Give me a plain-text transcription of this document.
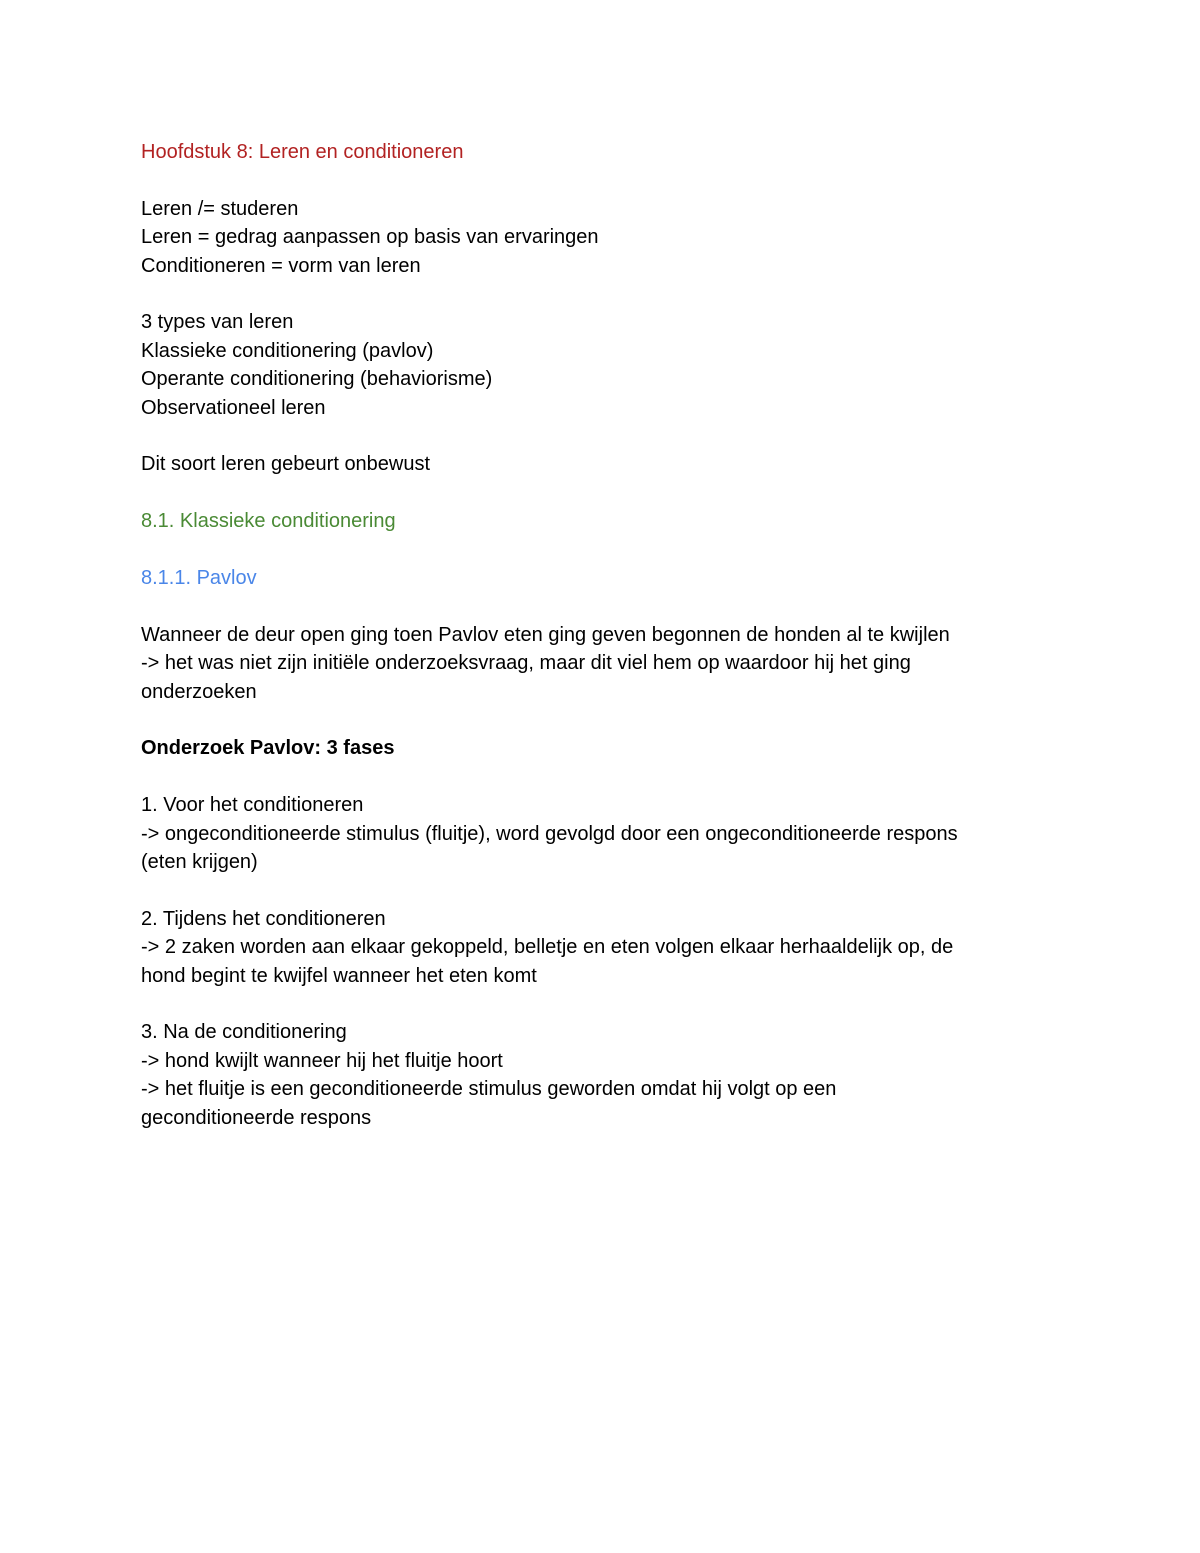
Hoofdstuk 8: Leren en conditioneren
Leren /= studeren
Leren = gedrag aanpassen op basis van ervaringen
Conditioneren = vorm van leren
3 types van leren
Klassieke conditionering (pavlov)
Operante conditionering (behaviorisme)
Observationeel leren
Dit soort leren gebeurt onbewust
8.1. Klassieke conditionering
8.1.1. Pavlov
Wanneer de deur open ging toen Pavlov eten ging geven begonnen de honden al te kwijlen
-> het was niet zijn initiële onderzoeksvraag, maar dit viel hem op waardoor hij het ging
onderzoeken
Onderzoek Pavlov: 3 fases
1. Voor het conditioneren
-> ongeconditioneerde stimulus (fluitje), word gevolgd door een ongeconditioneerde respons
(eten krijgen)
2. Tijdens het conditioneren
-> 2 zaken worden aan elkaar gekoppeld, belletje en eten volgen elkaar herhaaldelijk op, de
hond begint te kwijfel wanneer het eten komt
3. Na de conditionering
-> hond kwijlt wanneer hij het fluitje hoort
-> het fluitje is een geconditioneerde stimulus geworden omdat hij volgt op een
geconditioneerde respons
